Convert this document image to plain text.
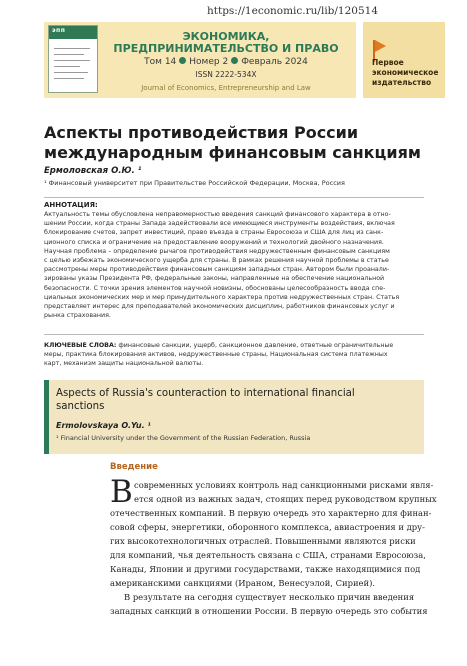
https://1economic.ru/lib/120514
эпп	ЭКОНОМИКА,
ПРЕДПРИНИМАТЕЛЬСТВО И ПРАВО
Том 14 Номер 2 Февраль 2024
ISSN 2222-534X
Journal of Economics, Entrepreneurship and Law
Первое
экономическое
издательство
Аспекты противодействия России
международным финансовым санкциям
Ермоловская О.Ю. ¹
¹ Финансовый университет при Правительстве Российской Федерации, Москва, Россия
АННОТАЦИЯ:
Актуальность темы обусловлена неправомерностью введения санкций финансового характера в отно-
шении России, когда страны Запада задействовали все имеющиеся инструменты воздействия, включая
блокирование счетов, запрет инвестиций, право въезда в страны Евросоюза и США для лиц из санк-
ционного списка и ограничение на предоставление вооружений и технологий двойного назначения.
Научная проблема – определение рычагов противодействия недружественным финансовым санкциям
с целью избежать экономического ущерба для страны. В рамках решения научной проблемы в статье
рассмотрены меры противодействия финансовым санкциям западных стран. Автором были проанали-
зированы указы Президента РФ, федеральные законы, направленные на обеспечение национальной
безопасности. С точки зрения элементов научной новизны, обоснованы целесообразность ввода спе-
циальных экономических мер и мер принудительного характера против недружественных стран. Статья
представляет интерес для преподавателей экономических дисциплин, работников финансовых услуг и
рынка страхования.
КЛЮЧЕВЫЕ СЛОВА: финансовые санкции, ущерб, санкционное давление, ответные ограничительные
меры, практика блокирования активов, недружественные страны, Национальная система платежных
карт, механизм защиты национальной валюты.
Aspects of Russia's counteraction to international financial
sanctions
Ermolovskaya O.Yu. ¹
¹ Financial University under the Government of the Russian Federation, Russia
Введение
В современных условиях контроль над санкционными рисками явля-
ется одной из важных задач, стоящих перед руководством крупных
отечественных компаний. В первую очередь это характерно для финан-
совой сферы, энергетики, оборонного комплекса, авиастроения и дру-
гих высокотехнологичных отраслей. Повышенными являются риски
для компаний, чья деятельность связана с США, странами Евросоюза,
Канады, Японии и другими государствами, также находящимися под
американскими санкциями (Ираном, Венесуэлой, Сирией).
В результате на сегодня существует несколько причин введения
западных санкций в отношении России. В первую очередь это события
